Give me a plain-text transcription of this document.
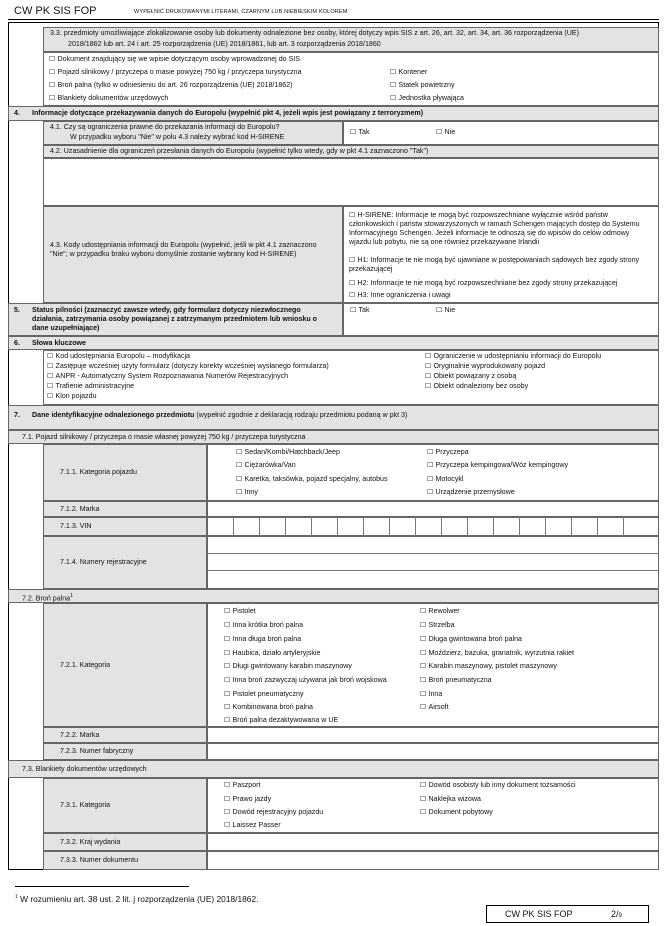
CW PK SIS FOP	WYPEŁNIĆ DRUKOWANYMI LITERAMI, CZARNYM LUB NIEBIESKIM KOLOREM
3.3. przedmioty umożliwiające zlokalizowanie osoby lub dokumenty odnalezione bez osoby, której dotyczy wpis SIS z art. 26, art. 32, art. 34, art. 36 rozporządzenia (UE)
2018/1862 lub art. 24 i art. 25 rozporządzenia (UE) 2018/1861, lub art. 3 rozporządzenia 2018/1860
☐ Dokument znajdujący się we wpisie dotyczącym osoby wprowadzonej do SIS
☐ Pojazd silnikowy / przyczepa o masie powyżej 750 kg / przyczepa turystyczna
☐ Broń palna (tylko w odniesieniu do art. 26 rozporządzenia (UE) 2018/1862)
☐ Blankiety dokumentów urzędowych
☐ Kontener
☐ Statek powietrzny
☐ Jednostka pływająca
4. Informacje dotyczące przekazywania danych do Europolu (wypełnić pkt 4, jeżeli wpis jest powiązany z terroryzmem)
4.1. Czy są ograniczenia prawne do przekazania informacji do Europolu?
W przypadku wyboru "Nie" w polu 4.3 należy wybrać kod H-SIRENE
☐ Tak	☐ Nie
4.2. Uzasadnienie dla ograniczeń przesłania danych do Europolu (wypełnić tylko wtedy, gdy w pkt 4.1 zaznaczono "Tak")
4.3. Kody udostępniania informacji do Europolu (wypełnić, jeśli w pkt 4.1 zaznaczono "Nie"; w przypadku braku wyboru domyślnie zostanie wybrany kod H-SIRENE)
☐ H-SIRENE: Informacje te mogą być rozpowszechniane wyłącznie wśród państw członkowskich i państw stowarzyszonych w ramach Schengen mających dostęp do Systemu Informacyjnego Schengen. Jeżeli informacje te odnoszą się do wpisów do celów odmowy wjazdu lub pobytu, nie są one również przekazywane Irlandii
☐ H1: Informacje te nie mogą być ujawniane w postępowaniach sądowych bez zgody strony przekazującej
☐ H2: Informacje te nie mogą być rozpowszechniane bez zgody strony przekazującej
☐ H3: Inne ograniczenia i uwagi
5. Status pilności (zaznaczyć zawsze wtedy, gdy formularz dotyczy niezwłocznego działania, zatrzymania osoby powiązanej z zatrzymanym przedmiotem lub wniosku o dane uzupełniające)
☐ Tak	☐ Nie
6. Słowa kluczowe
☐ Kod udostępniania Europolu – modyfikacja
☐ Zastępuje wcześniej użyty formularz (dotyczy korekty wcześniej wysłanego formularza)
☐ ANPR - Automatyczny System Rozpoznawania Numerów Rejestracyjnych
☐ Trafienie administracyjne
☐ Klon pojazdu
☐ Ograniczenie w udostępnianiu informacji do Europolu
☐ Oryginalnie wyprodukowany pojazd
☐ Obiekt powiązany z osobą
☐ Obiekt odnaleziony bez osoby
7. Dane identyfikacyjne odnalezionego przedmiotu (wypełnić zgodnie z deklaracją rodzaju przedmiotu podaną w pkt 3)
7.1. Pojazd silnikowy / przyczepa o masie własnej powyżej 750 kg / przyczepa turystyczna
7.1.1. Kategoria pojazdu
☐ Sedan/Kombi/Hatchback/Jeep
☐ Ciężarówka/Van
☐ Karetka, taksówka, pojazd specjalny, autobus
☐ Inny
☐ Przyczepa
☐ Przyczepa kempingowa/Wóz kempingowy
☐ Motocykl
☐ Urządzenie przemysłowe
7.1.2. Marka
7.1.3. VIN
7.1.4. Numery rejestracyjne
7.2. Broń palna$^1$
7.2.1. Kategoria
☐ Pistolet
☐ Inna krótka broń palna
☐ Inna długa broń palna
☐ Haubica, działo artyleryjskie
☐ Długi gwintowany karabin maszynowy
☐ Inna broń zazwyczaj używana jak broń wojskowa
☐ Pistolet pneumatyczny
☐ Kombinowana broń palna
☐ Broń palna dezaktywowana w UE
☐ Rewolwer
☐ Strzelba
☐ Długa gwintowana broń palna
☐ Moździerz, bazuka, granatnik, wyrzutnia rakiet
☐ Karabin maszynowy, pistolet maszynowy
☐ Broń pneumatyczna
☐ Inna
☐ Airsoft
7.2.2. Marka
7.2.3. Numer fabryczny
7.3. Blankiety dokumentów urzędowych
7.3.1. Kategoria
☐ Paszport
☐ Prawo jazdy
☐ Dowód rejestracyjny pojazdu
☐ Laissez Passer
☐ Dowód osobisty lub inny dokument tożsamości
☐ Naklejka wizowa
☐ Dokument pobytowy
7.3.2. Kraj wydania
7.3.3. Numer dokumentu
$^1$ W rozumieniu art. 38 ust. 2 lit. j rozporządzenia (UE) 2018/1862.
CW PK SIS FOP	2/9
